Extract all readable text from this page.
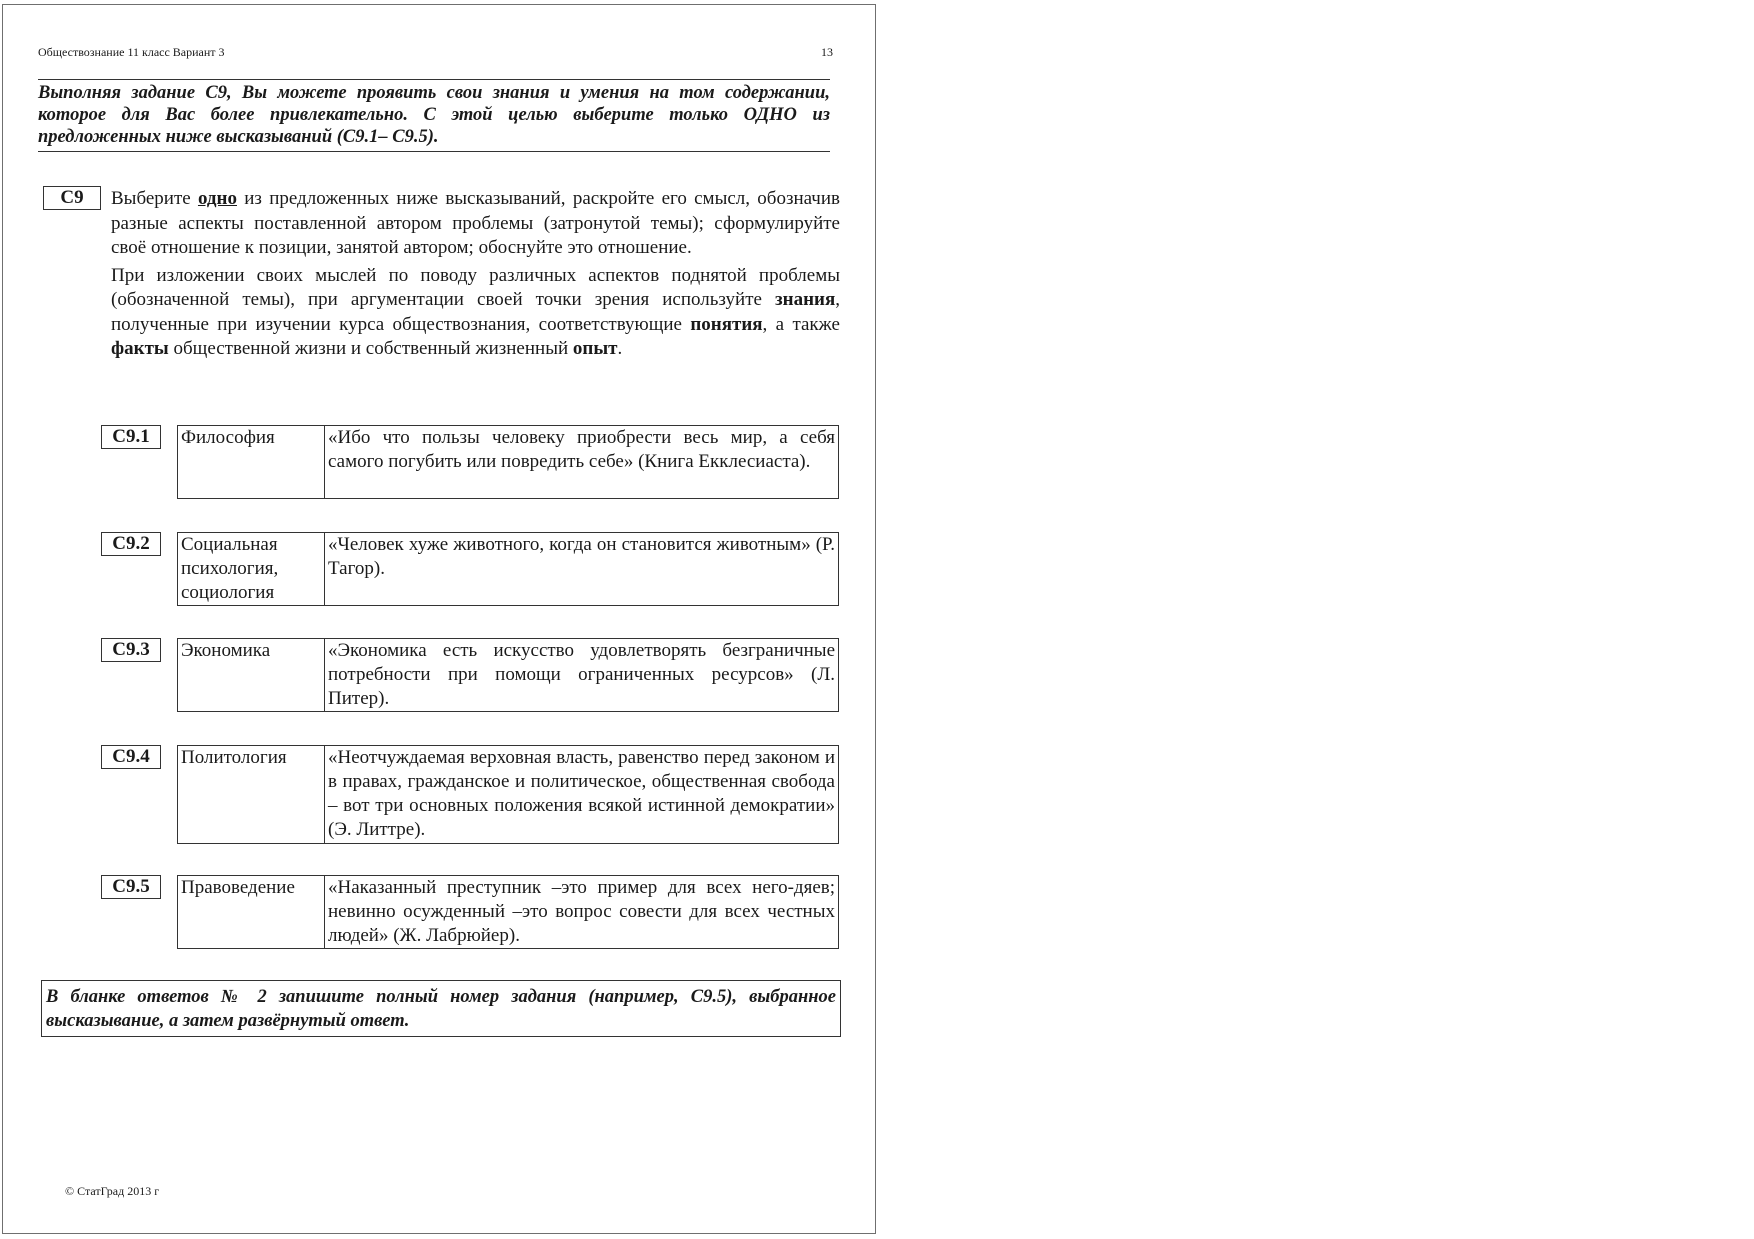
Обществознание 11 класс Вариант 3	13
Выполняя задание С9, Вы можете проявить свои знания и умения на том содержании, которое для Вас более привлекательно. С этой целью выберите только ОДНО из предложенных ниже высказываний (С9.1– С9.5).
С9	Выберите одно из предложенных ниже высказываний, раскройте его смысл, обозначив разные аспекты поставленной автором проблемы (затронутой темы); сформулируйте своё отношение к позиции, занятой автором; обоснуйте это отношение.

При изложении своих мыслей по поводу различных аспектов поднятой проблемы (обозначенной темы), при аргументации своей точки зрения используйте знания, полученные при изучении курса обществознания, соответствующие понятия, а также факты общественной жизни и собственный жизненный опыт.

С9.1	Философия	«Ибо что пользы человеку приобрести весь мир, а себя самого погубить или повредить себе» (Книга Екклесиаста).
С9.2	Социальная психология, социология	«Человек хуже животного, когда он становится животным» (Р. Тагор).
С9.3	Экономика	«Экономика есть искусство удовлетворять безграничные потребности при помощи ограниченных ресурсов» (Л. Питер).
С9.4	Политология	«Неотчуждаемая верховная власть, равенство перед законом и в правах, гражданское и политическое, общественная свобода – вот три основных положения всякой истинной демократии» (Э. Литтре).
С9.5	Правоведение	«Наказанный преступник –это пример для всех него-дяев; невинно осужденный –это вопрос совести для всех честных людей» (Ж. Лабрюйер).
В бланке ответов № 2 запишите полный номер задания (например, С9.5), выбранное высказывание, а затем развёрнутый ответ.
© СтатГрад 2013 г
